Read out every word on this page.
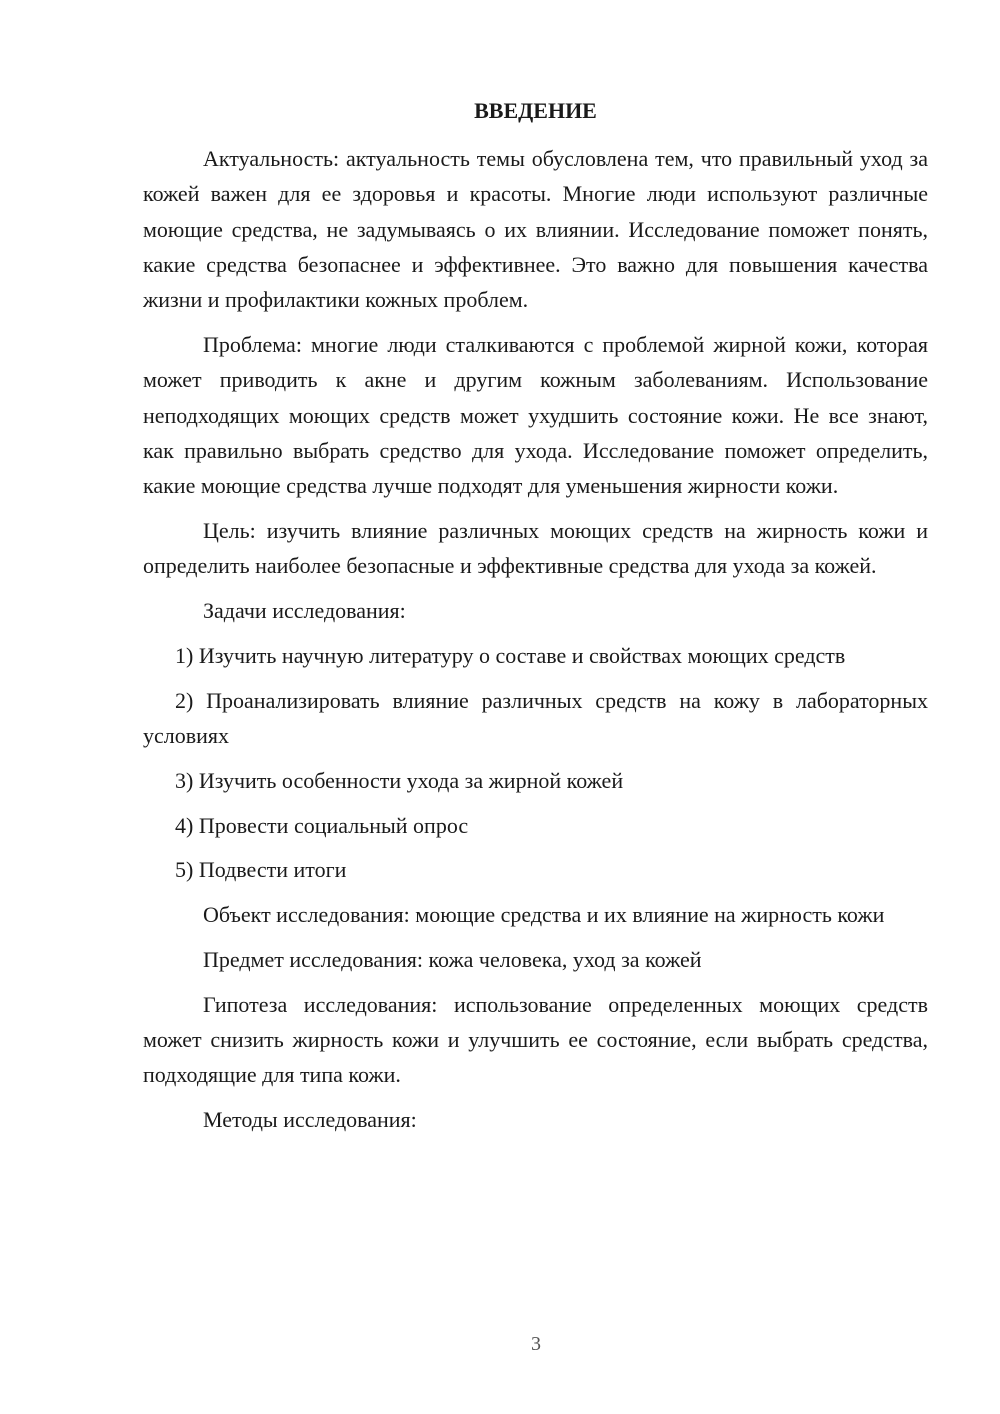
ВВЕДЕНИЕ

Актуальность: актуальность темы обусловлена тем, что правильный уход за кожей важен для ее здоровья и красоты. Многие люди используют различные моющие средства, не задумываясь о их влиянии. Исследование поможет понять, какие средства безопаснее и эффективнее. Это важно для повышения качества жизни и профилактики кожных проблем.

Проблема: многие люди сталкиваются с проблемой жирной кожи, которая может приводить к акне и другим кожным заболеваниям. Использование неподходящих моющих средств может ухудшить состояние кожи. Не все знают, как правильно выбрать средство для ухода. Исследование поможет определить, какие моющие средства лучше подходят для уменьшения жирности кожи.

Цель: изучить влияние различных моющих средств на жирность кожи и определить наиболее безопасные и эффективные средства для ухода за кожей.

Задачи исследования:

1) Изучить научную литературу о составе и свойствах моющих средств

2) Проанализировать влияние различных средств на кожу в лабораторных условиях

3) Изучить особенности ухода за жирной кожей

4) Провести социальный опрос

5) Подвести итоги

Объект исследования: моющие средства и их влияние на жирность кожи

Предмет исследования: кожа человека, уход за кожей

Гипотеза исследования: использование определенных моющих средств может снизить жирность кожи и улучшить ее состояние, если выбрать средства, подходящие для типа кожи.

Методы исследования:

3
